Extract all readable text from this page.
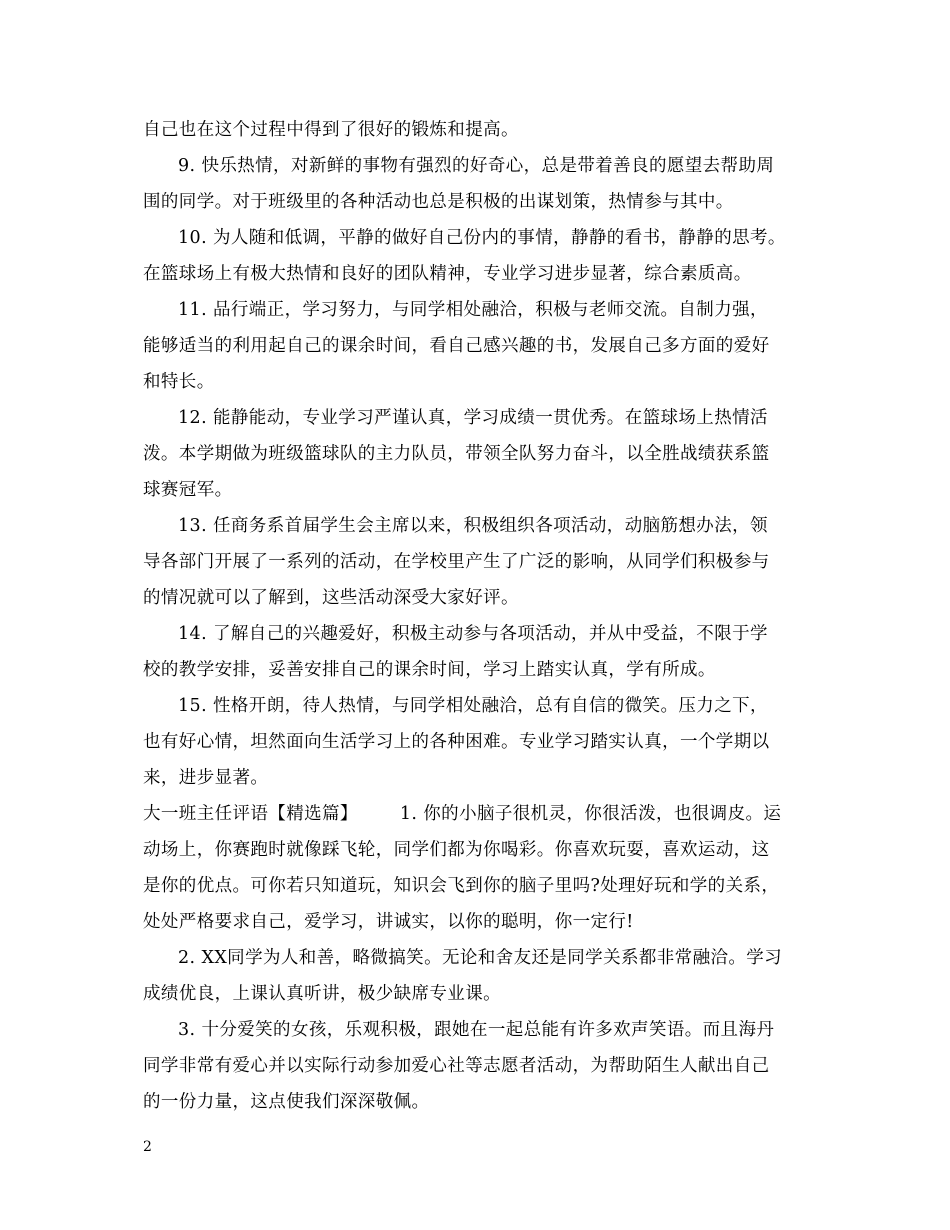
自己也在这个过程中得到了很好的锻炼和提高。
9. 快乐热情，对新鲜的事物有强烈的好奇心，总是带着善良的愿望去帮助周
围的同学。对于班级里的各种活动也总是积极的出谋划策，热情参与其中。
10. 为人随和低调，平静的做好自己份内的事情，静静的看书，静静的思考。
在篮球场上有极大热情和良好的团队精神，专业学习进步显著，综合素质高。
11. 品行端正，学习努力，与同学相处融洽，积极与老师交流。自制力强，
能够适当的利用起自己的课余时间，看自己感兴趣的书，发展自己多方面的爱好
和特长。
12. 能静能动，专业学习严谨认真，学习成绩一贯优秀。在篮球场上热情活
泼。本学期做为班级篮球队的主力队员，带领全队努力奋斗，以全胜战绩获系篮
球赛冠军。
13. 任商务系首届学生会主席以来，积极组织各项活动，动脑筋想办法，领
导各部门开展了一系列的活动，在学校里产生了广泛的影响，从同学们积极参与
的情况就可以了解到，这些活动深受大家好评。
14. 了解自己的兴趣爱好，积极主动参与各项活动，并从中受益，不限于学
校的教学安排，妥善安排自己的课余时间，学习上踏实认真，学有所成。
15. 性格开朗，待人热情，与同学相处融洽，总有自信的微笑。压力之下，
也有好心情，坦然面向生活学习上的各种困难。专业学习踏实认真，一个学期以
来，进步显著。
大一班主任评语【精选篇】 1. 你的小脑子很机灵，你很活泼，也很调皮。运
动场上，你赛跑时就像踩飞轮，同学们都为你喝彩。你喜欢玩耍，喜欢运动，这
是你的优点。可你若只知道玩，知识会飞到你的脑子里吗?处理好玩和学的关系，
处处严格要求自己，爱学习，讲诚实，以你的聪明，你一定行!
2. XX同学为人和善，略微搞笑。无论和舍友还是同学关系都非常融洽。学习
成绩优良，上课认真听讲，极少缺席专业课。
3. 十分爱笑的女孩，乐观积极，跟她在一起总能有许多欢声笑语。而且海丹
同学非常有爱心并以实际行动参加爱心社等志愿者活动，为帮助陌生人献出自己
的一份力量，这点使我们深深敬佩。
2
